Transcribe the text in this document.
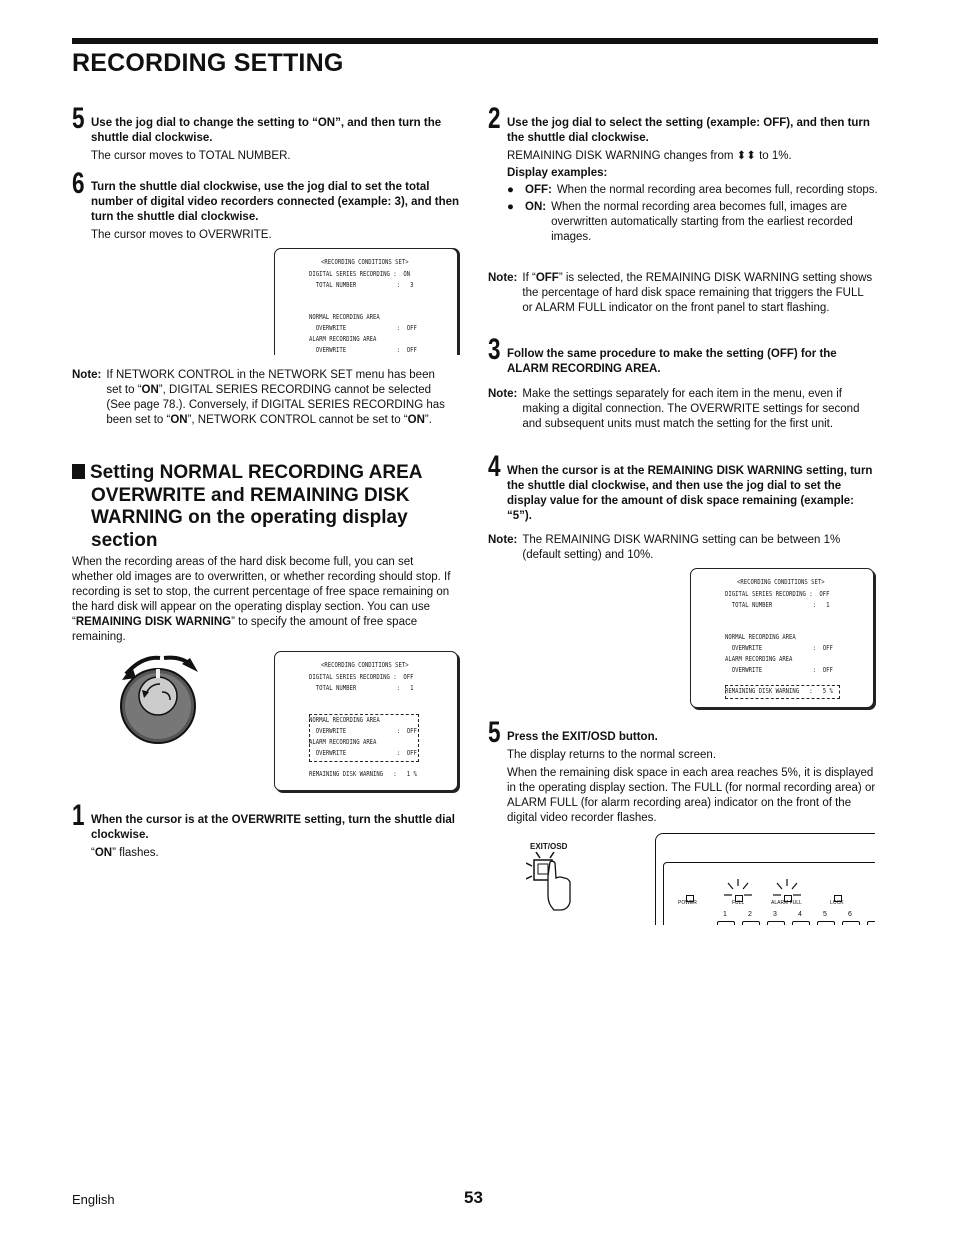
RECORDING SETTING
5 Use the jog dial to change the setting to “ON”, and then turn the shuttle dial clockwise.
The cursor moves to TOTAL NUMBER.
6 Turn the shuttle dial clockwise, use the jog dial to set the total number of digital video recorders connected (example: 3), and then turn the shuttle dial clockwise.
The cursor moves to OVERWRITE.
<RECORDING CONDITIONS SET>
DIGITAL SERIES RECORDING :  ON
TOTAL NUMBER            :   3
NORMAL RECORDING AREA
OVERWRITE               :  OFF
ALARM RECORDING AREA
OVERWRITE               :  OFF
Note: If NETWORK CONTROL in the NETWORK SET menu has been set to “ON”, DIGITAL SERIES RECORDING cannot be selected (See page 78.). Conversely, if DIGITAL SERIES RECORDING has been set to “ON”, NETWORK CONTROL cannot be set to “ON”.
Setting NORMAL RECORDING AREA
OVERWRITE and REMAINING DISK
WARNING on the operating display
section
When the recording areas of the hard disk become full, you can set whether old images are to overwritten, or whether recording should stop. If recording is set to stop, the current percentage of free space remaining on the hard disk will appear on the operating display section. You can use “REMAINING DISK WARNING” to specify the amount of free space remaining.
<RECORDING CONDITIONS SET>
DIGITAL SERIES RECORDING :  OFF
TOTAL NUMBER            :   1
NORMAL RECORDING AREA
OVERWRITE               :  OFF
ALARM RECORDING AREA
OVERWRITE               :  OFF
REMAINING DISK WARNING   :   1 %
1 When the cursor is at the OVERWRITE setting, turn the shuttle dial clockwise.
“ON” flashes.
2 Use the jog dial to select the setting (example: OFF), and then turn the shuttle dial clockwise.
REMAINING DISK WARNING changes from ⬍⬍ to 1%.
Display examples:
● OFF: When the normal recording area becomes full, recording stops.
● ON: When the normal recording area becomes full, images are overwritten automatically starting from the earliest recorded images.
Note: If “OFF” is selected, the REMAINING DISK WARNING setting shows the percentage of hard disk space remaining that triggers the FULL or ALARM FULL indicator on the front panel to start flashing.
3 Follow the same procedure to make the setting (OFF) for the ALARM RECORDING AREA.
Note: Make the settings separately for each item in the menu, even if making a digital connection. The OVERWRITE settings for second and subsequent units must match the setting for the first unit.
4 When the cursor is at the REMAINING DISK WARNING setting, turn the shuttle dial clockwise, and then use the jog dial to set the display value for the amount of disk space remaining (example: “5”).
Note: The REMAINING DISK WARNING setting can be between 1% (default setting) and 10%.
<RECORDING CONDITIONS SET>
DIGITAL SERIES RECORDING :  OFF
TOTAL NUMBER            :   1
NORMAL RECORDING AREA
OVERWRITE               :  OFF
ALARM RECORDING AREA
OVERWRITE               :  OFF
REMAINING DISK WARNING   :   5 %
5 Press the EXIT/OSD button.
The display returns to the normal screen.
When the remaining disk space in each area reaches 5%, it is displayed in the operating display section. The FULL (for normal recording area) or ALARM FULL (for alarm recording area) indicator on the front of the digital video recorder flashes.
EXIT/OSD
POWER	FULL	ALARM FULL	LOCK
1	2	3	4	5	6
English	53
